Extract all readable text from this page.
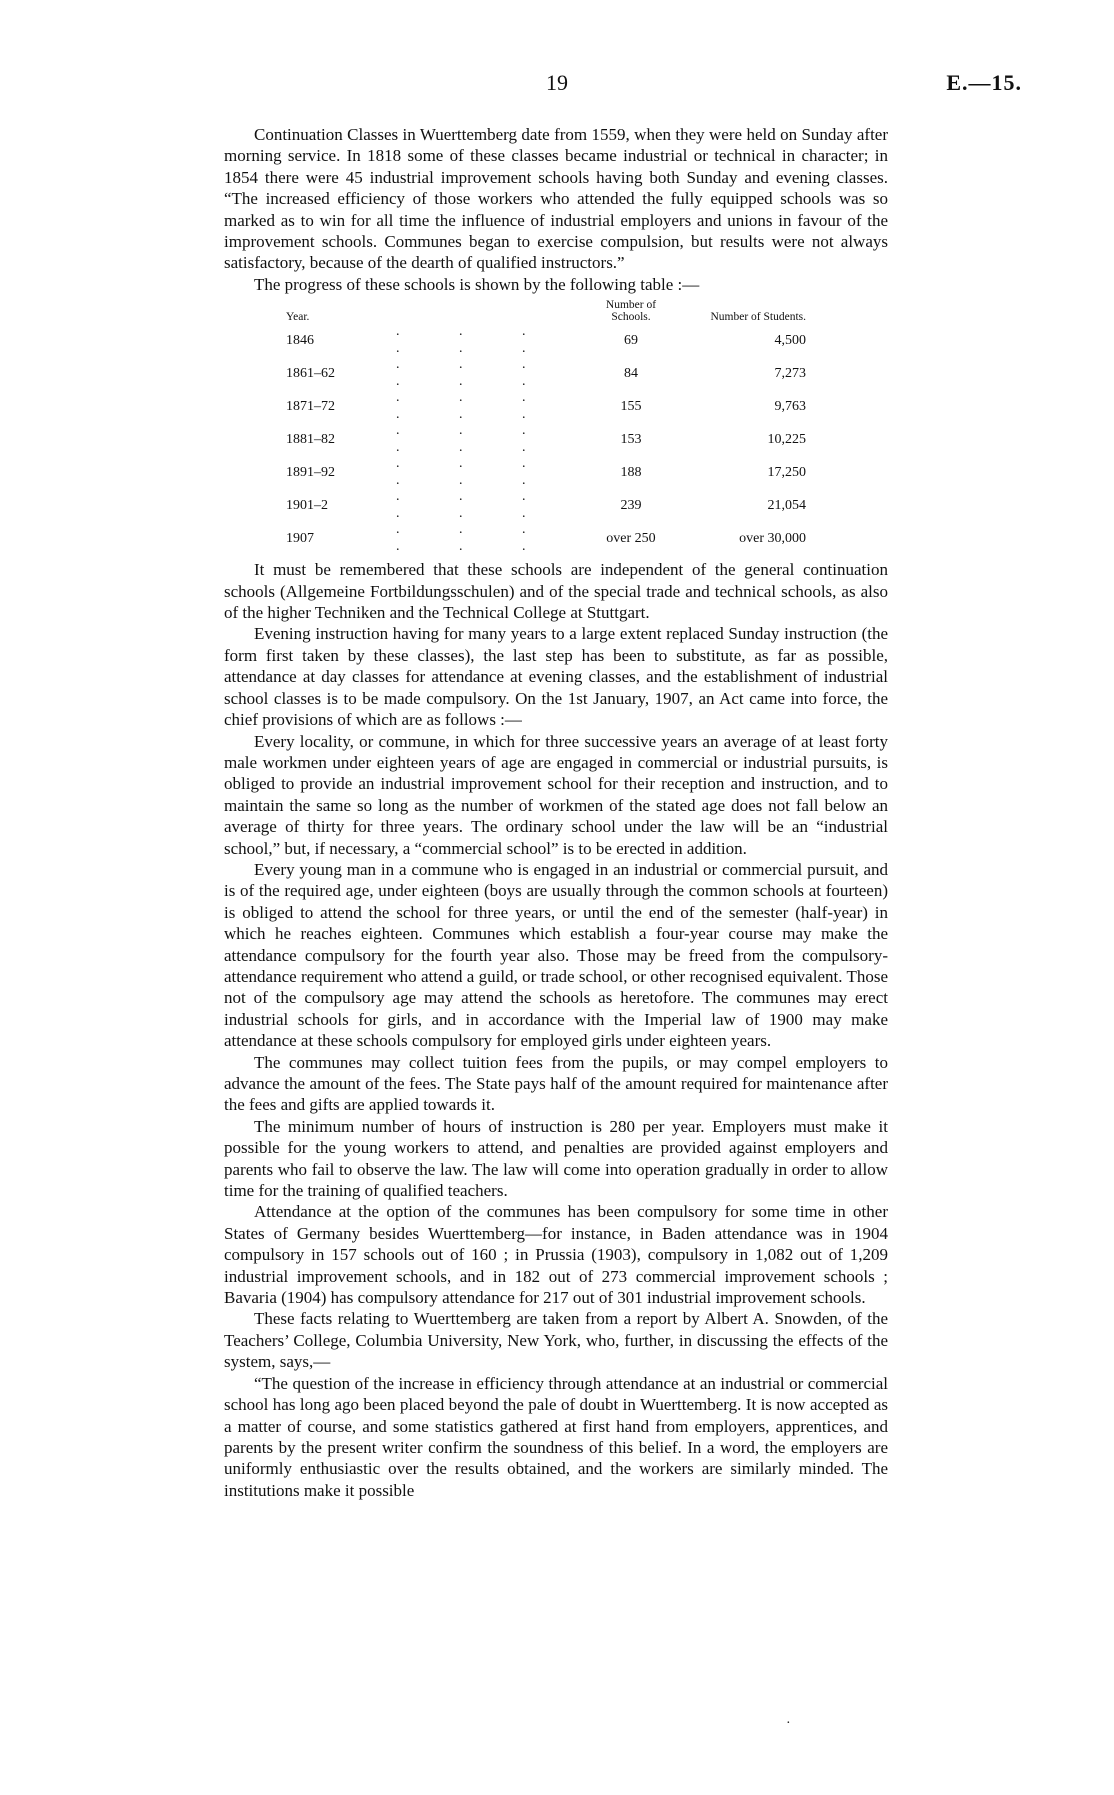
19	E.—15.

Continuation Classes in Wuerttemberg date from 1559, when they were held on Sunday after morning service. In 1818 some of these classes became industrial or technical in character; in 1854 there were 45 industrial improvement schools having both Sunday and evening classes. “The increased efficiency of those workers who attended the fully equipped schools was so marked as to win for all time the influence of industrial employers and unions in favour of the improvement schools. Communes began to exercise compulsion, but results were not always satisfactory, because of the dearth of qualified instructors.”

The progress of these schools is shown by the following table :—

Year.		Number of Schools.	Number of Students.
1846	. . . . . .	69	4,500
1861–62	. . . . . .	84	7,273
1871–72	. . . . . .	155	9,763
1881–82	. . . . . .	153	10,225
1891–92	. . . . . .	188	17,250
1901–2	. . . . . .	239	21,054
1907	. . . . . .	over 250	over 30,000

It must be remembered that these schools are independent of the general continuation schools (Allgemeine Fortbildungsschulen) and of the special trade and technical schools, as also of the higher Techniken and the Technical College at Stuttgart.

Evening instruction having for many years to a large extent replaced Sunday instruction (the form first taken by these classes), the last step has been to substitute, as far as possible, attendance at day classes for attendance at evening classes, and the establishment of industrial school classes is to be made compulsory. On the 1st January, 1907, an Act came into force, the chief provisions of which are as follows :—

Every locality, or commune, in which for three successive years an average of at least forty male workmen under eighteen years of age are engaged in commercial or industrial pursuits, is obliged to provide an industrial improvement school for their reception and instruction, and to maintain the same so long as the number of workmen of the stated age does not fall below an average of thirty for three years. The ordinary school under the law will be an “industrial school,” but, if necessary, a “commercial school” is to be erected in addition.

Every young man in a commune who is engaged in an industrial or commercial pursuit, and is of the required age, under eighteen (boys are usually through the common schools at fourteen) is obliged to attend the school for three years, or until the end of the semester (half-year) in which he reaches eighteen. Communes which establish a four-year course may make the attendance compulsory for the fourth year also. Those may be freed from the compulsory-attendance requirement who attend a guild, or trade school, or other recognised equivalent. Those not of the compulsory age may attend the schools as heretofore. The communes may erect industrial schools for girls, and in accordance with the Imperial law of 1900 may make attendance at these schools compulsory for employed girls under eighteen years.

The communes may collect tuition fees from the pupils, or may compel employers to advance the amount of the fees. The State pays half of the amount required for maintenance after the fees and gifts are applied towards it.

The minimum number of hours of instruction is 280 per year. Employers must make it possible for the young workers to attend, and penalties are provided against employers and parents who fail to observe the law. The law will come into operation gradually in order to allow time for the training of qualified teachers.

Attendance at the option of the communes has been compulsory for some time in other States of Germany besides Wuerttemberg—for instance, in Baden attendance was in 1904 compulsory in 157 schools out of 160 ; in Prussia (1903), compulsory in 1,082 out of 1,209 industrial improvement schools, and in 182 out of 273 commercial improvement schools ; Bavaria (1904) has compulsory attendance for 217 out of 301 industrial improvement schools.

These facts relating to Wuerttemberg are taken from a report by Albert A. Snowden, of the Teachers’ College, Columbia University, New York, who, further, in discussing the effects of the system, says,—

“The question of the increase in efficiency through attendance at an industrial or commercial school has long ago been placed beyond the pale of doubt in Wuerttemberg. It is now accepted as a matter of course, and some statistics gathered at first hand from employers, apprentices, and parents by the present writer confirm the soundness of this belief. In a word, the employers are uniformly enthusiastic over the results obtained, and the workers are similarly minded. The institutions make it possible

·
